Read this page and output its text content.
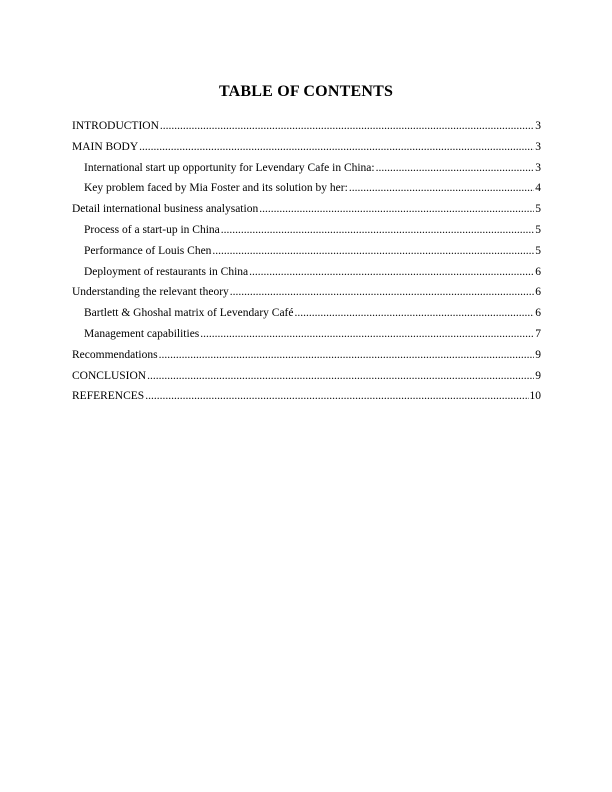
TABLE OF CONTENTS
INTRODUCTION .....	3
MAIN BODY .....	3
International start up opportunity for Levendary Cafe in China: .....	3
Key problem faced by Mia Foster and its solution by her: .....	4
Detail international business analysation .....	5
Process of a start-up in China .....	5
Performance of Louis Chen .....	5
Deployment of restaurants in China .....	6
Understanding the relevant theory .....	6
Bartlett & Ghoshal matrix of Levendary Café .....	6
Management capabilities .....	7
Recommendations .....	9
CONCLUSION .....	9
REFERENCES .....	10
